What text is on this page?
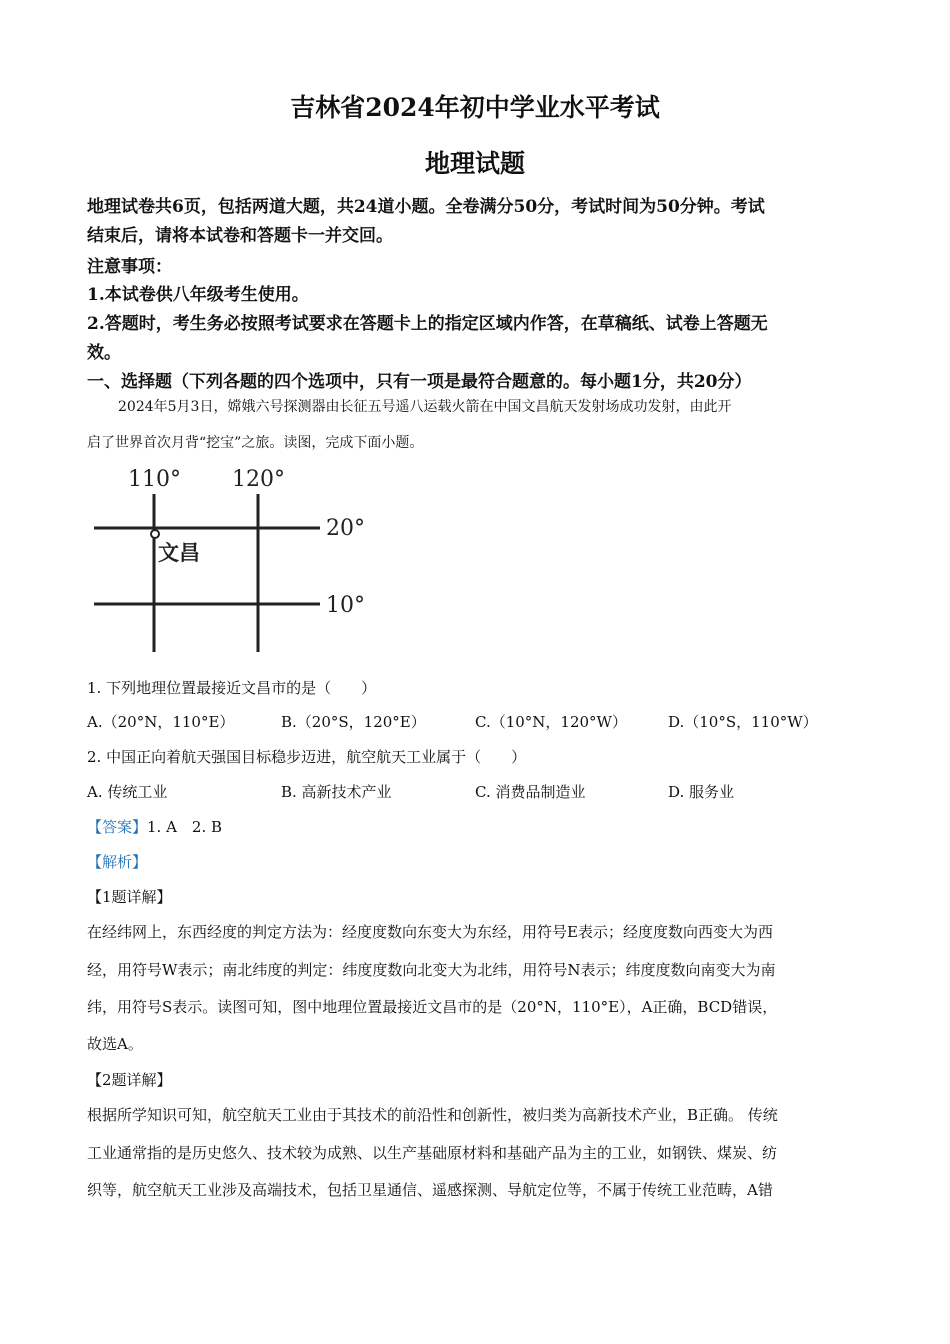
吉林省2024年初中学业水平考试
地理试题
地理试卷共6页，包括两道大题，共24道小题。全卷满分50分，考试时间为50分钟。考试
结束后，请将本试卷和答题卡一并交回。
注意事项：
1.本试卷供八年级考生使用。
2.答题时，考生务必按照考试要求在答题卡上的指定区域内作答，在草稿纸、试卷上答题无
效。
一、选择题（下列各题的四个选项中，只有一项是最符合题意的。每小题1分，共20分）
2024年5月3日，嫦娥六号探测器由长征五号遥八运载火箭在中国文昌航天发射场成功发射，由此开
启了世界首次月背“挖宝”之旅。读图，完成下面小题。
110° 120°
20°
10°
文昌
1. 下列地理位置最接近文昌市的是（　　）
A.（20°N，110°E）	B.（20°S，120°E）	C.（10°N，120°W）	D.（10°S，110°W）
2. 中国正向着航天强国目标稳步迈进，航空航天工业属于（　　）
A. 传统工业	B. 高新技术产业	C. 消费品制造业	D. 服务业
【答案】1. A　2. B
【解析】
【1题详解】
在经纬网上，东西经度的判定方法为：经度度数向东变大为东经，用符号E表示；经度度数向西变大为西
经，用符号W表示；南北纬度的判定：纬度度数向北变大为北纬，用符号N表示；纬度度数向南变大为南
纬，用符号S表示。读图可知，图中地理位置最接近文昌市的是（20°N，110°E），A正确，BCD错误，
故选A。
【2题详解】
根据所学知识可知，航空航天工业由于其技术的前沿性和创新性，被归类为高新技术产业，B正确。 传统
工业通常指的是历史悠久、技术较为成熟、以生产基础原材料和基础产品为主的工业，如钢铁、煤炭、纺
织等，航空航天工业涉及高端技术，包括卫星通信、遥感探测、导航定位等，不属于传统工业范畴，A错
